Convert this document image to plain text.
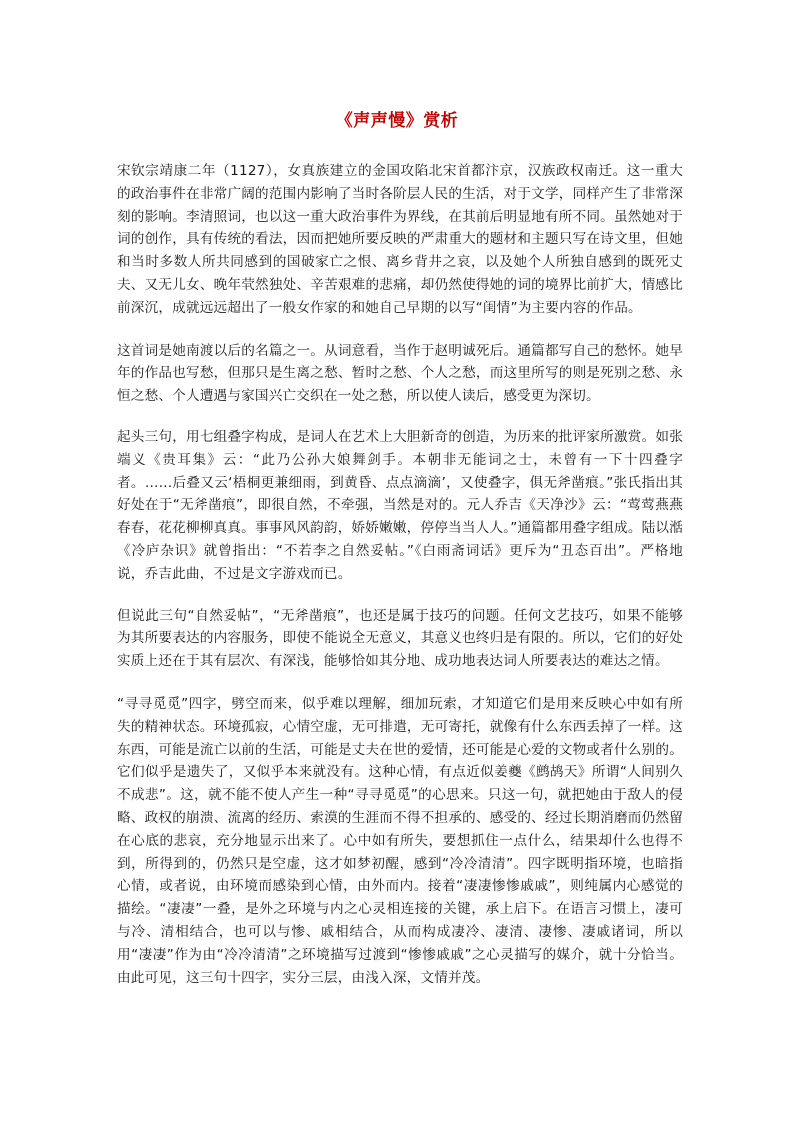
《声声慢》赏析

宋钦宗靖康二年（1127），女真族建立的金国攻陷北宋首都汴京，汉族政权南迁。这一重大的政治事件在非常广阔的范围内影响了当时各阶层人民的生活，对于文学，同样产生了非常深刻的影响。李清照词，也以这一重大政治事件为界线，在其前后明显地有所不同。虽然她对于词的创作，具有传统的看法，因而把她所要反映的严肃重大的题材和主题只写在诗文里，但她和当时多数人所共同感到的国破家亡之恨、离乡背井之哀，以及她个人所独自感到的既死丈夫、又无儿女、晚年茕然独处、辛苦艰难的悲痛，却仍然使得她的词的境界比前扩大，情感比前深沉，成就远远超出了一般女作家的和她自己早期的以写“闺情”为主要内容的作品。

这首词是她南渡以后的名篇之一。从词意看，当作于赵明诚死后。通篇都写自己的愁怀。她早年的作品也写愁，但那只是生离之愁、暂时之愁、个人之愁，而这里所写的则是死别之愁、永恒之愁、个人遭遇与家国兴亡交织在一处之愁，所以使人读后，感受更为深切。

起头三句，用七组叠字构成，是词人在艺术上大胆新奇的创造，为历来的批评家所激赏。如张端义《贵耳集》云：“此乃公孙大娘舞剑手。本朝非无能词之士，未曾有一下十四叠字者。……后叠又云‘梧桐更兼细雨，到黄昏、点点滴滴’，又使叠字，俱无斧凿痕。”张氏指出其好处在于“无斧凿痕”，即很自然，不牵强，当然是对的。元人乔吉《天净沙》云：“莺莺燕燕春春，花花柳柳真真。事事风风韵韵，娇娇嫩嫩，停停当当人人。”通篇都用叠字组成。陆以湉《冷庐杂识》就曾指出：“不若李之自然妥帖。”《白雨斋词话》更斥为“丑态百出”。严格地说，乔吉此曲，不过是文字游戏而已。

但说此三句“自然妥帖”，“无斧凿痕”，也还是属于技巧的问题。任何文艺技巧，如果不能够为其所要表达的内容服务，即使不能说全无意义，其意义也终归是有限的。所以，它们的好处实质上还在于其有层次、有深浅，能够恰如其分地、成功地表达词人所要表达的难达之情。

“寻寻觅觅”四字，劈空而来，似乎难以理解，细加玩索，才知道它们是用来反映心中如有所失的精神状态。环境孤寂，心情空虚，无可排遣，无可寄托，就像有什么东西丢掉了一样。这东西，可能是流亡以前的生活，可能是丈夫在世的爱情，还可能是心爱的文物或者什么别的。它们似乎是遗失了，又似乎本来就没有。这种心情，有点近似姜夔《鹧鸪天》所谓“人间别久不成悲”。这，就不能不使人产生一种“寻寻觅觅”的心思来。只这一句，就把她由于敌人的侵略、政权的崩溃、流离的经历、索漠的生涯而不得不担承的、感受的、经过长期消磨而仍然留在心底的悲哀，充分地显示出来了。心中如有所失，要想抓住一点什么，结果却什么也得不到，所得到的，仍然只是空虚，这才如梦初醒，感到“冷冷清清”。四字既明指环境，也暗指心情，或者说，由环境而感染到心情，由外而内。接着“凄凄惨惨戚戚”，则纯属内心感觉的描绘。“凄凄”一叠，是外之环境与内之心灵相连接的关键，承上启下。在语言习惯上，凄可与冷、清相结合，也可以与惨、戚相结合，从而构成凄冷、凄清、凄惨、凄戚诸词，所以用“凄凄”作为由“冷冷清清”之环境描写过渡到“惨惨戚戚”之心灵描写的媒介，就十分恰当。由此可见，这三句十四字，实分三层，由浅入深，文情并茂。
